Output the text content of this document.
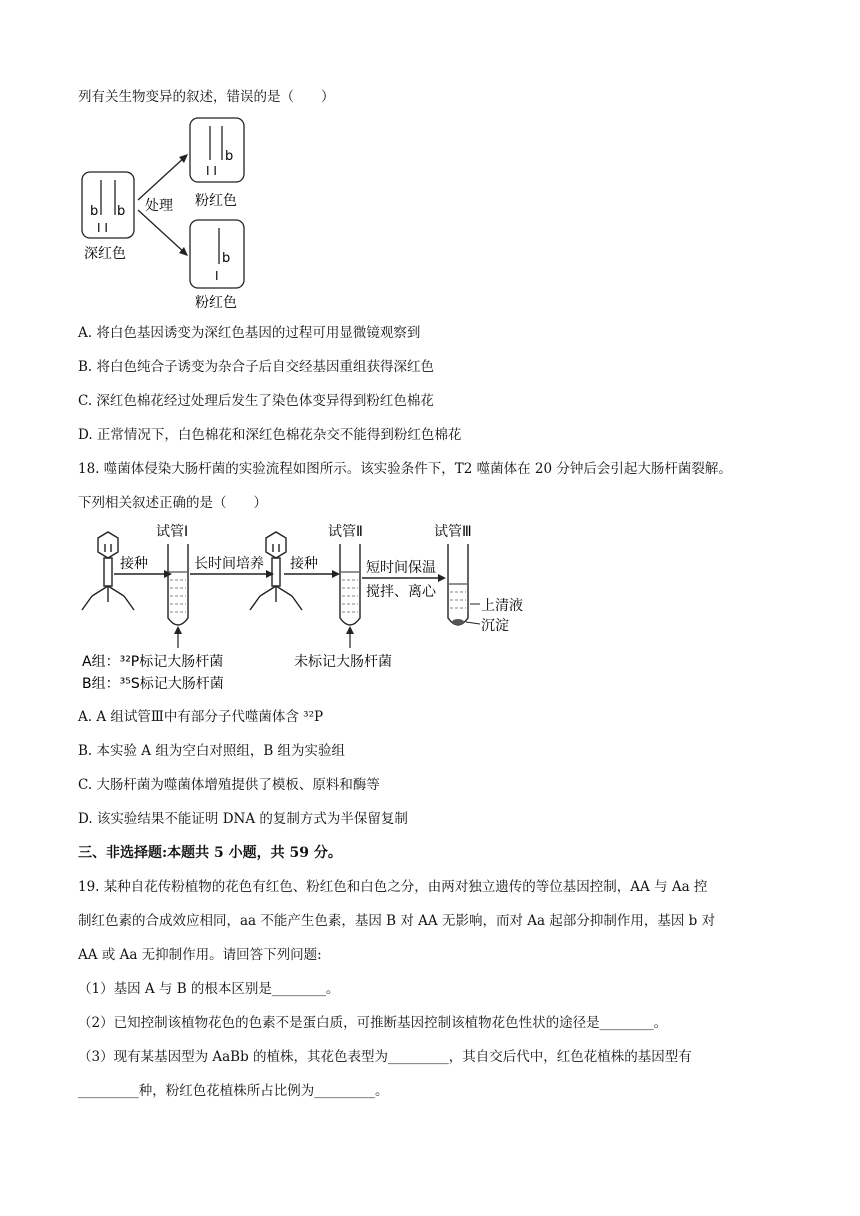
列有关生物变异的叙述，错误的是（　　）
b b
I I
深红色
处理
b
I I
粉红色
b
I
粉红色
A. 将白色基因诱变为深红色基因的过程可用显微镜观察到
B. 将白色纯合子诱变为杂合子后自交经基因重组获得深红色
C. 深红色棉花经过处理后发生了染色体变异得到粉红色棉花
D. 正常情况下，白色棉花和深红色棉花杂交不能得到粉红色棉花
18. 噬菌体侵染大肠杆菌的实验流程如图所示。该实验条件下，T2 噬菌体在 20 分钟后会引起大肠杆菌裂解。
下列相关叙述正确的是（　　）
接种
试管Ⅰ
长时间培养 接种
试管Ⅱ
短时间保温
搅拌、离心
试管Ⅲ
上清液
沉淀
A组：³²P标记大肠杆菌
B组：³⁵S标记大肠杆菌
未标记大肠杆菌
A. A 组试管Ⅲ中有部分子代噬菌体含 ³²P
B. 本实验 A 组为空白对照组，B 组为实验组
C. 大肠杆菌为噬菌体增殖提供了模板、原料和酶等
D. 该实验结果不能证明 DNA 的复制方式为半保留复制
三、非选择题:本题共 5 小题，共 59 分。
19. 某种自花传粉植物的花色有红色、粉红色和白色之分，由两对独立遗传的等位基因控制，AA 与 Aa 控
制红色素的合成效应相同，aa 不能产生色素，基因 B 对 AA 无影响，而对 Aa 起部分抑制作用，基因 b 对
AA 或 Aa 无抑制作用。请回答下列问题:
（1）基因 A 与 B 的根本区别是________。
（2）已知控制该植物花色的色素不是蛋白质，可推断基因控制该植物花色性状的途径是________。
（3）现有某基因型为 AaBb 的植株，其花色表型为_________，其自交后代中，红色花植株的基因型有
_________种，粉红色花植株所占比例为_________。
